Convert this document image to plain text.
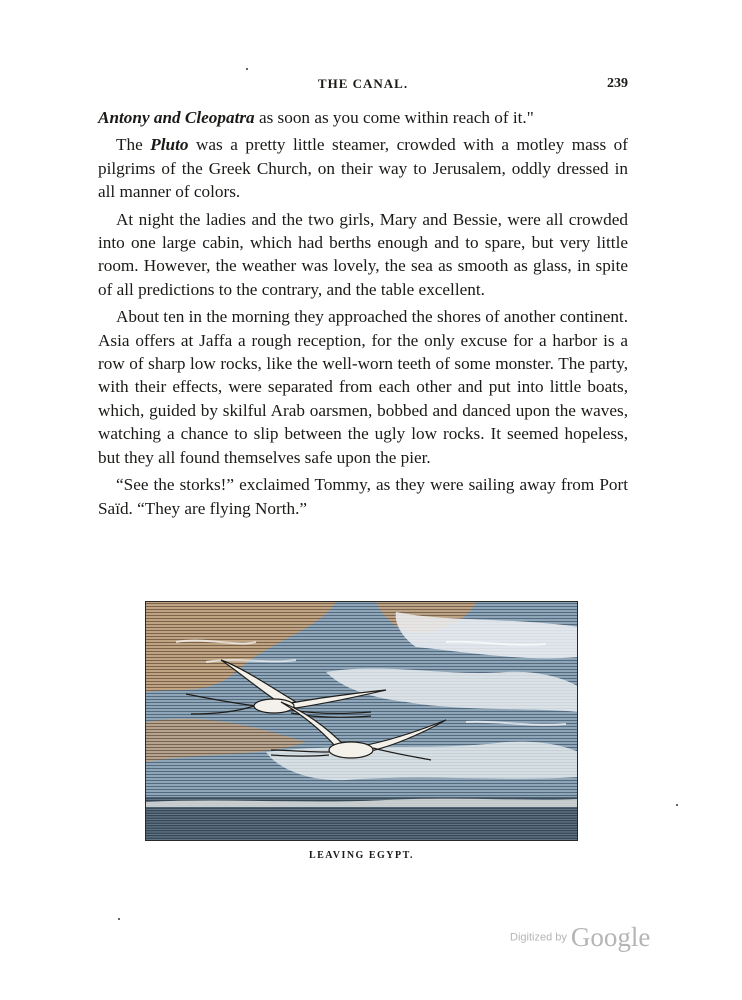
THE CANAL.	239

Antony and Cleopatra as soon as you come within reach of it."

The Pluto was a pretty little steamer, crowded with a motley mass of pilgrims of the Greek Church, on their way to Jerusalem, oddly dressed in all manner of colors.

At night the ladies and the two girls, Mary and Bessie, were all crowded into one large cabin, which had berths enough and to spare, but very little room. However, the weather was lovely, the sea as smooth as glass, in spite of all predictions to the contrary, and the table excellent.

About ten in the morning they approached the shores of another continent. Asia offers at Jaffa a rough reception, for the only excuse for a harbor is a row of sharp low rocks, like the well-worn teeth of some monster. The party, with their effects, were separated from each other and put into little boats, which, guided by skilful Arab oarsmen, bobbed and danced upon the waves, watching a chance to slip between the ugly low rocks. It seemed hopeless, but they all found themselves safe upon the pier.

“See the storks!” exclaimed Tommy, as they were sailing away from Port Saïd. “They are flying North.”

LEAVING EGYPT.
Digitized by Google
